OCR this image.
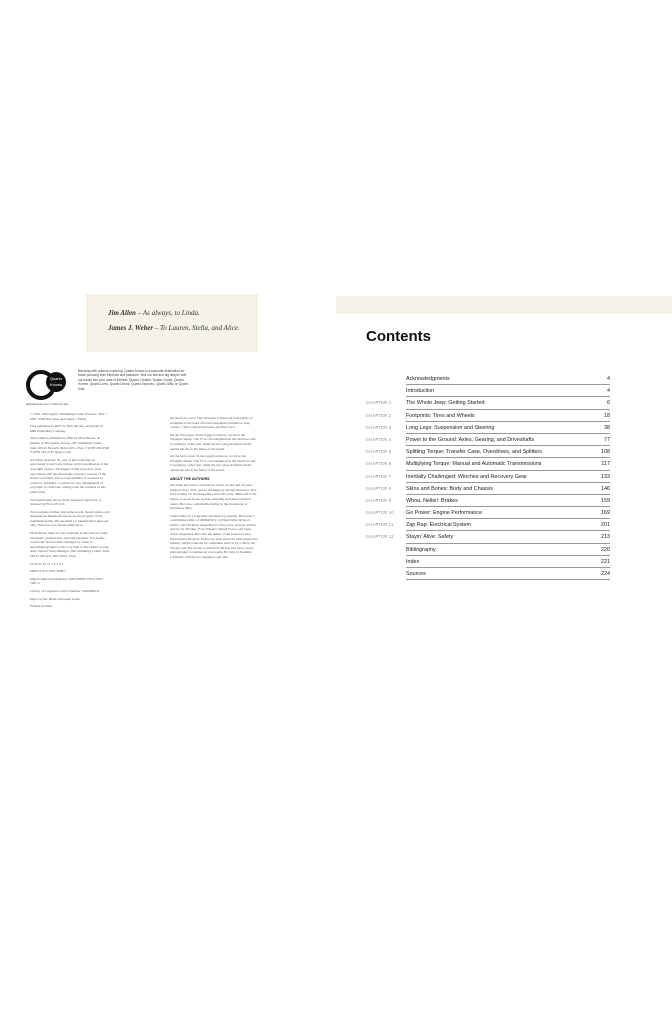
Jim Allen – As always, to Linda.
James J. Weber – To Lauren, Stella, and Alice.
Quarto Knows
quartoknows.com | Visit our site
Blending with outdoor exploring, Quarto Knows is a favourite destination for those pursuing their interests and passions. Visit our site and dig deeper with our books into your area of interest: Quarto Creates, Quarto Cooks, Quarto Homes, Quarto Lives, Quarto Drives, Quarto Explores, Quarto Gifts, or Quarto Kids.

© 2007, 2020 Quarto Publishing Group USA Inc. Text © 2007, 2020 Jim Allen and James J. Weber

First published in 2007 by MotorBooks, an imprint of MBI Publishing Company.

Third edition published in 2020 by MotorBooks, an imprint of The Quarto Group, 100 Cummings Center, Suite 265-D, Beverly, MA 01915, USA. T (978) 282-9590 F (978) 283-2742 Quarto.com

All rights reserved. No part of this book may be reproduced in any form without written permission of the copyright owners. All images in this book have been reproduced with the knowledge and prior consent of the artists concerned, and no responsibility is accepted by producer, publisher, or printer for any infringement of copyright or otherwise, arising from the contents of this publication.

This publication has not been prepared, approved, or licensed by FCA US LLC.

We recognize, further, that some words, model names, and designations mentioned herein are the property of the trademark holder. We use them for identification purposes only. This is not an official publication.

MotorBooks titles are also available at discount for retail, wholesale, promotional, and bulk purchase. For details, contact the Special Sales Manager by email at specialsales@quarto.com or by mail at The Quarto Group, Attn: Special Sales Manager, 100 Cummings Center, Suite 265-D, Beverly, MA 01915, USA.

23 24 25 22 21 1 2 3 4 5

ISBN: 978-0-7603-7096-7

Digital edition published in 2020 eISBN: 978-0-7603-7097-4

Library of Congress Control Number: 2020946074

Page Layout: Heath Seriouqin Lester

Printed in China

On the front cover: This Wrangler is fitted out with plenty of examples of the latest off-road equipment available to Jeep owners. Chris Collard/Adventure Archives LLC

On the title pages: In the rugged outdoors, we show the Wrangler lineup. The JT is a thoroughbred in the Outdoors and CJ pedigree of the past, while the new plug-in hybrid model named the 4xe is the future of the brand.

On the back cover: In the rugged outdoors, we show the Wrangler lineup. The JT is a thoroughbred in the Outdoors and CJ pedigree of the past, while the new plug-in hybrid model named the 4xe is the future of the brand.

ABOUT THE AUTHORS

Jim Allen has been a well-known writer on 4x4 and off-road subjects since 1976, and an off-highway driving instructor. He's been writing for 4x4 magazines since the early 1980s and is the author of seven books on four-wheeling and other technical topics. He's also a small-time farmer in the boondocks of Northwest Ohio.

James Weber is a long-time automotive journalist. He's been a contributing editor of 4WD&SUV, 4-Wheel Drive & Sport Utility, and Off-Road magazines for five years, and has written articles for Truckin', Four Wheeler, Diesel Power, and Sport Truck magazines. He's also the author of the book 4x4 Jeep Performance Projects. Weber has been involved with automotive industry public relations for companies such as Toyo Tires, All Terrain, and The Starter Connection. He has also been a news photographer for numerous race teams. He lives in Southern California with his two daughters and wife.

Contents
Acknowledgments	4
Introduction	4
CHAPTER 1	The Whole Jeep: Getting Started	6
CHAPTER 2	Footprints: Tires and Wheels	18
CHAPTER 3	Long Legs: Suspension and Steering	38
CHAPTER 4	Power to the Ground: Axles, Gearing, and Driveshafts	77
CHAPTER 5	Splitting Torque: Transfer Case, Overdrives, and Splitters	108
CHAPTER 6	Multiplying Torque: Manual and Automatic Transmissions	117
CHAPTER 7	Inertially Challenged: Winches and Recovery Gear	133
CHAPTER 8	Skins and Bones: Body and Chassis	146
CHAPTER 9	Whoa, Nellie!: Brakes	159
CHAPTER 10 Go Power: Engine Performance	169
CHAPTER 11 Zap Rap: Electrical System	201
CHAPTER 12 Stayin' Alive: Safety	213
Bibliography	220
Index	221
Sources	224
